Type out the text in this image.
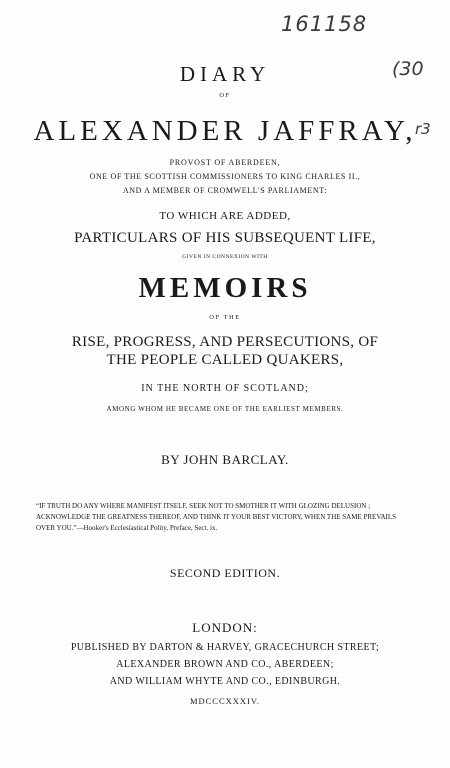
161158
(30
r3
DIARY
OF
ALEXANDER JAFFRAY,
PROVOST OF ABERDEEN,
ONE OF THE SCOTTISH COMMISSIONERS TO KING CHARLES II.,
AND A MEMBER OF CROMWELL'S PARLIAMENT:
TO WHICH ARE ADDED,
PARTICULARS OF HIS SUBSEQUENT LIFE,
GIVEN IN CONNEXION WITH
MEMOIRS
OF THE
RISE, PROGRESS, AND PERSECUTIONS, OF
THE PEOPLE CALLED QUAKERS,
IN THE NORTH OF SCOTLAND;
AMONG WHOM HE BECAME ONE OF THE EARLIEST MEMBERS.
BY JOHN BARCLAY.
“IF TRUTH DO ANY WHERE MANIFEST ITSELF, SEEK NOT TO SMOTHER IT WITH GLOZING DELUSION ;
ACKNOWLEDGE THE GREATNESS THEREOF, AND THINK IT YOUR BEST VICTORY, WHEN THE SAME PREVAILS
OVER YOU.”—Hooker's Ecclesiastical Polity, Preface, Sect. ix.
SECOND EDITION.
LONDON:
PUBLISHED BY DARTON & HARVEY, GRACECHURCH STREET;
ALEXANDER BROWN AND CO., ABERDEEN;
AND WILLIAM WHYTE AND CO., EDINBURGH.
MDCCCXXXIV.
